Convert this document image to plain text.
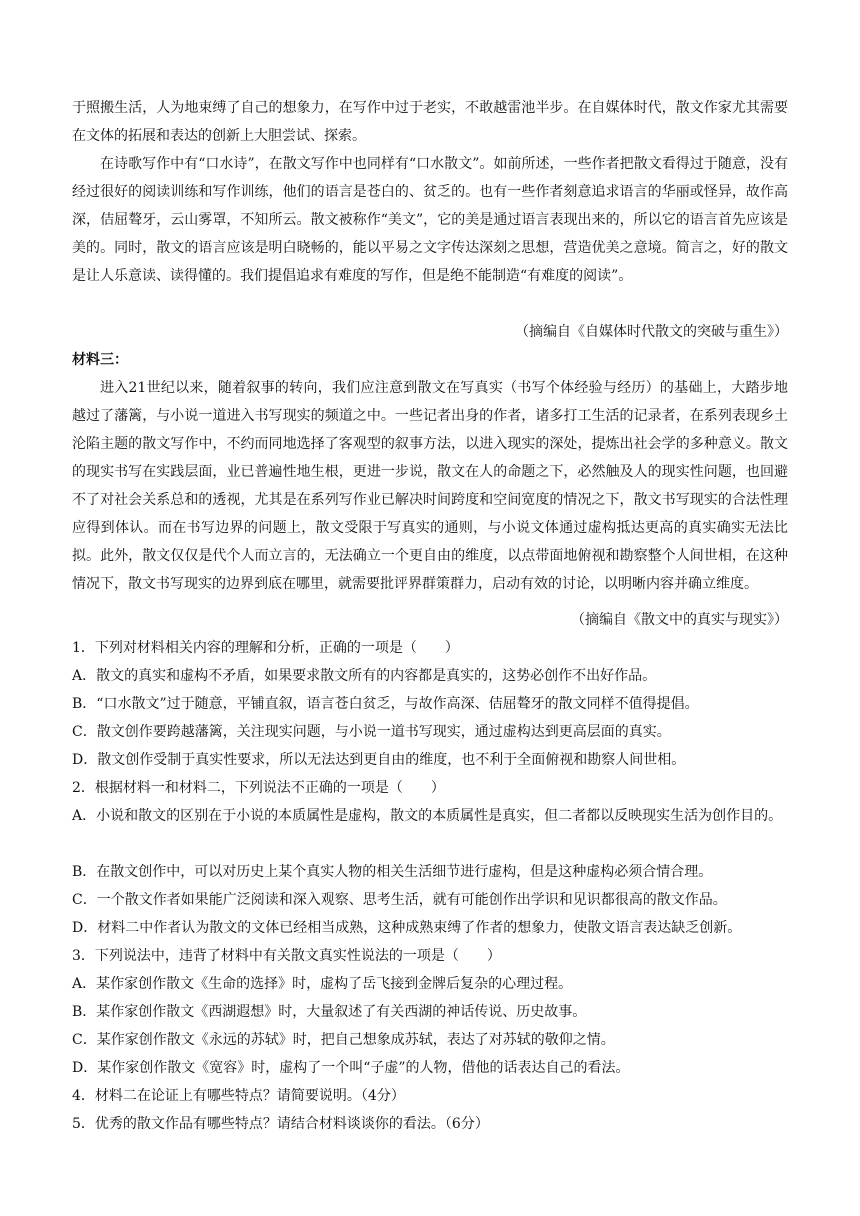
于照搬生活，人为地束缚了自己的想象力，在写作中过于老实，不敢越雷池半步。在自媒体时代，散文作家尤其需要在文体的拓展和表达的创新上大胆尝试、探索。

在诗歌写作中有“口水诗”，在散文写作中也同样有“口水散文”。如前所述，一些作者把散文看得过于随意，没有经过很好的阅读训练和写作训练，他们的语言是苍白的、贫乏的。也有一些作者刻意追求语言的华丽或怪异，故作高深，佶屈聱牙，云山雾罩，不知所云。散文被称作“美文”，它的美是通过语言表现出来的，所以它的语言首先应该是美的。同时，散文的语言应该是明白晓畅的，能以平易之文字传达深刻之思想，营造优美之意境。简言之，好的散文是让人乐意读、读得懂的。我们提倡追求有难度的写作，但是绝不能制造“有难度的阅读”。

（摘编自《自媒体时代散文的突破与重生》）

材料三：

进入21世纪以来，随着叙事的转向，我们应注意到散文在写真实（书写个体经验与经历）的基础上，大踏步地越过了藩篱，与小说一道进入书写现实的频道之中。一些记者出身的作者，诸多打工生活的记录者，在系列表现乡土沦陷主题的散文写作中，不约而同地选择了客观型的叙事方法，以进入现实的深处，提炼出社会学的多种意义。散文的现实书写在实践层面，业已普遍性地生根，更进一步说，散文在人的命题之下，必然触及人的现实性问题，也回避不了对社会关系总和的透视，尤其是在系列写作业已解决时间跨度和空间宽度的情况之下，散文书写现实的合法性理应得到体认。而在书写边界的问题上，散文受限于写真实的通则，与小说文体通过虚构抵达更高的真实确实无法比拟。此外，散文仅仅是代个人而立言的，无法确立一个更自由的维度，以点带面地俯视和勘察整个人间世相，在这种情况下，散文书写现实的边界到底在哪里，就需要批评界群策群力，启动有效的讨论，以明晰内容并确立维度。

（摘编自《散文中的真实与现实》）

1．下列对材料相关内容的理解和分析，正确的一项是（　　）

A．散文的真实和虚构不矛盾，如果要求散文所有的内容都是真实的，这势必创作不出好作品。

B．“口水散文”过于随意，平铺直叙，语言苍白贫乏，与故作高深、佶屈聱牙的散文同样不值得提倡。

C．散文创作要跨越藩篱，关注现实问题，与小说一道书写现实，通过虚构达到更高层面的真实。

D．散文创作受制于真实性要求，所以无法达到更自由的维度，也不利于全面俯视和勘察人间世相。

2．根据材料一和材料二，下列说法不正确的一项是（　　）

A．小说和散文的区别在于小说的本质属性是虚构，散文的本质属性是真实，但二者都以反映现实生活为创作目的。

B．在散文创作中，可以对历史上某个真实人物的相关生活细节进行虚构，但是这种虚构必须合情合理。

C．一个散文作者如果能广泛阅读和深入观察、思考生活，就有可能创作出学识和见识都很高的散文作品。

D．材料二中作者认为散文的文体已经相当成熟，这种成熟束缚了作者的想象力，使散文语言表达缺乏创新。

3．下列说法中，违背了材料中有关散文真实性说法的一项是（　　）

A．某作家创作散文《生命的选择》时，虚构了岳飞接到金牌后复杂的心理过程。

B．某作家创作散文《西湖遐想》时，大量叙述了有关西湖的神话传说、历史故事。

C．某作家创作散文《永远的苏轼》时，把自己想象成苏轼，表达了对苏轼的敬仰之情。

D．某作家创作散文《宽容》时，虚构了一个叫“子虚”的人物，借他的话表达自己的看法。

4．材料二在论证上有哪些特点？请简要说明。（4分）

5．优秀的散文作品有哪些特点？请结合材料谈谈你的看法。（6分）
